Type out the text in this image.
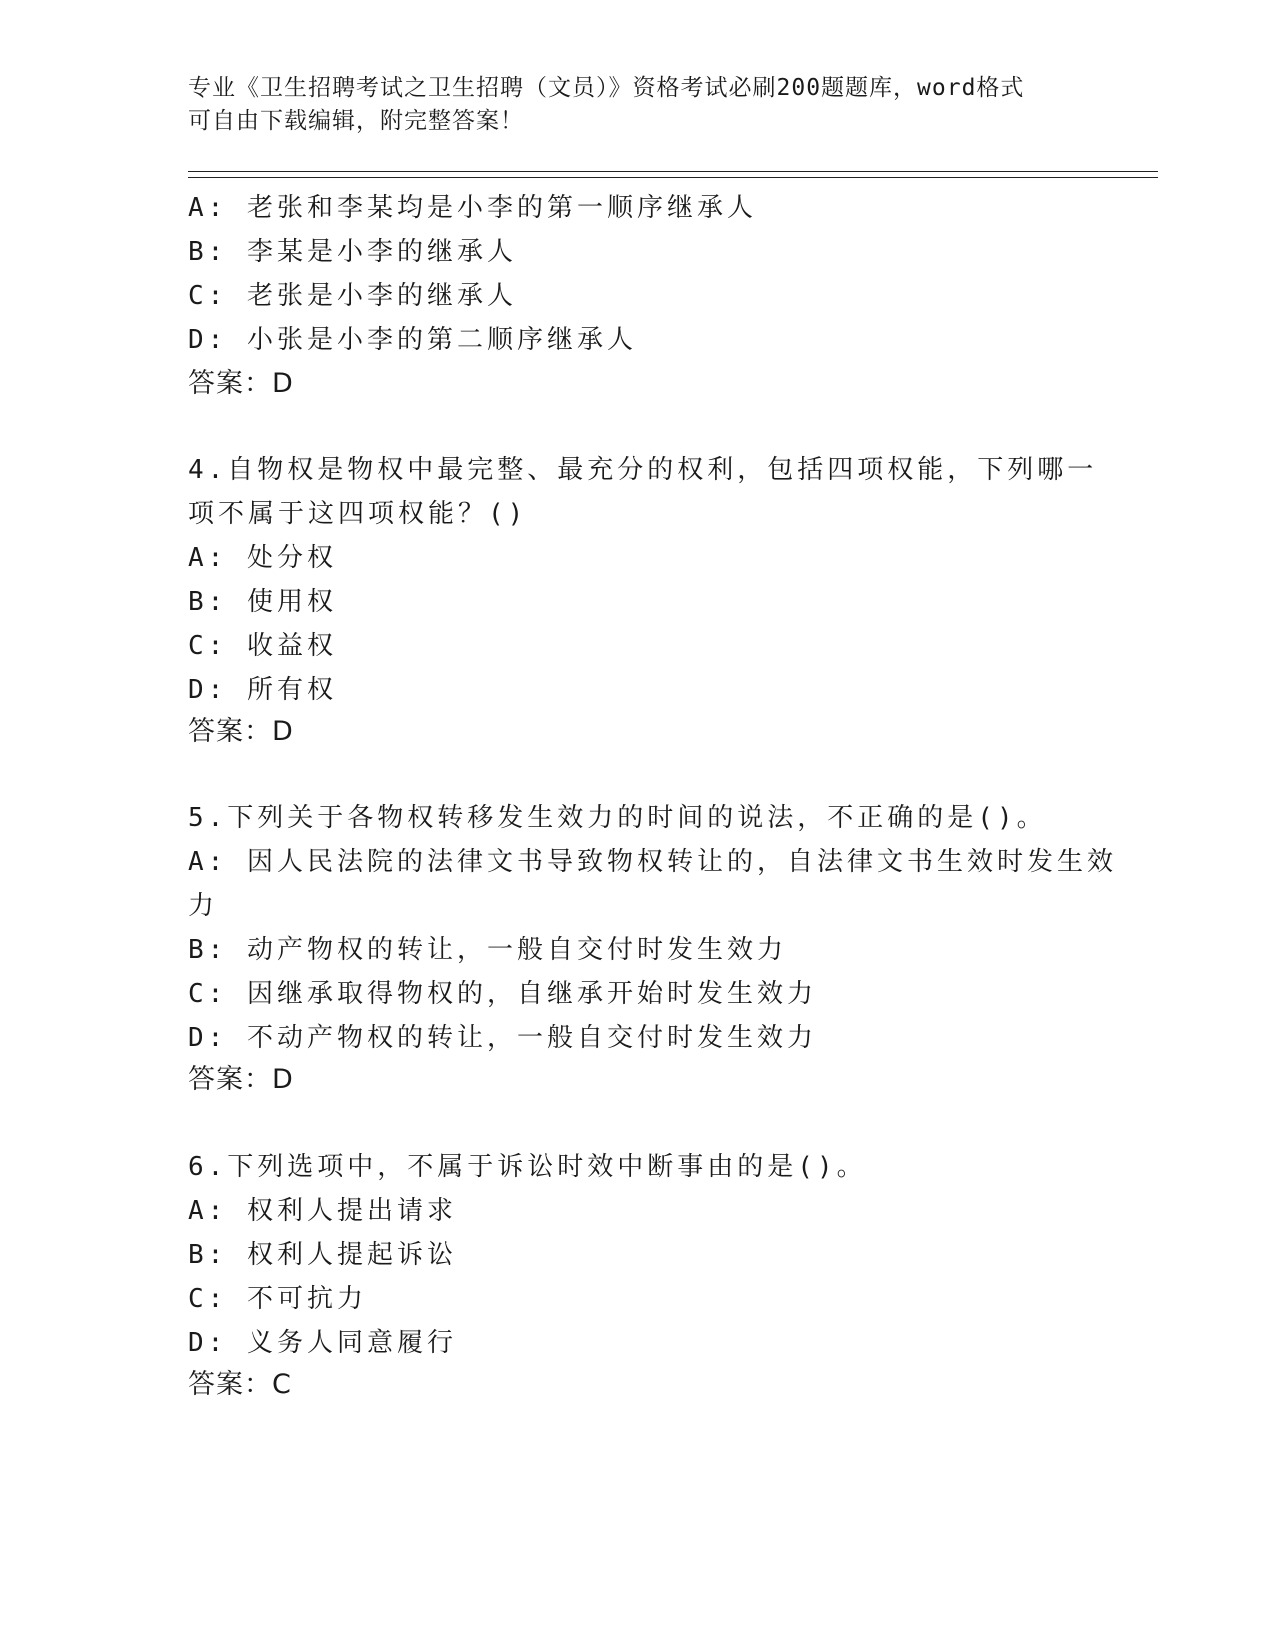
专业《卫生招聘考试之卫生招聘（文员）》资格考试必刷200题题库，word格式
可自由下载编辑，附完整答案！
A: 老张和李某均是小李的第一顺序继承人
B: 李某是小李的继承人
C: 老张是小李的继承人
D: 小张是小李的第二顺序继承人
答案：D
4.自物权是物权中最完整、最充分的权利，包括四项权能，下列哪一
项不属于这四项权能？()
A: 处分权
B: 使用权
C: 收益权
D: 所有权
答案：D
5.下列关于各物权转移发生效力的时间的说法，不正确的是()。
A: 因人民法院的法律文书导致物权转让的，自法律文书生效时发生效
力
B: 动产物权的转让，一般自交付时发生效力
C: 因继承取得物权的，自继承开始时发生效力
D: 不动产物权的转让，一般自交付时发生效力
答案：D
6.下列选项中，不属于诉讼时效中断事由的是()。
A: 权利人提出请求
B: 权利人提起诉讼
C: 不可抗力
D: 义务人同意履行
答案：C
